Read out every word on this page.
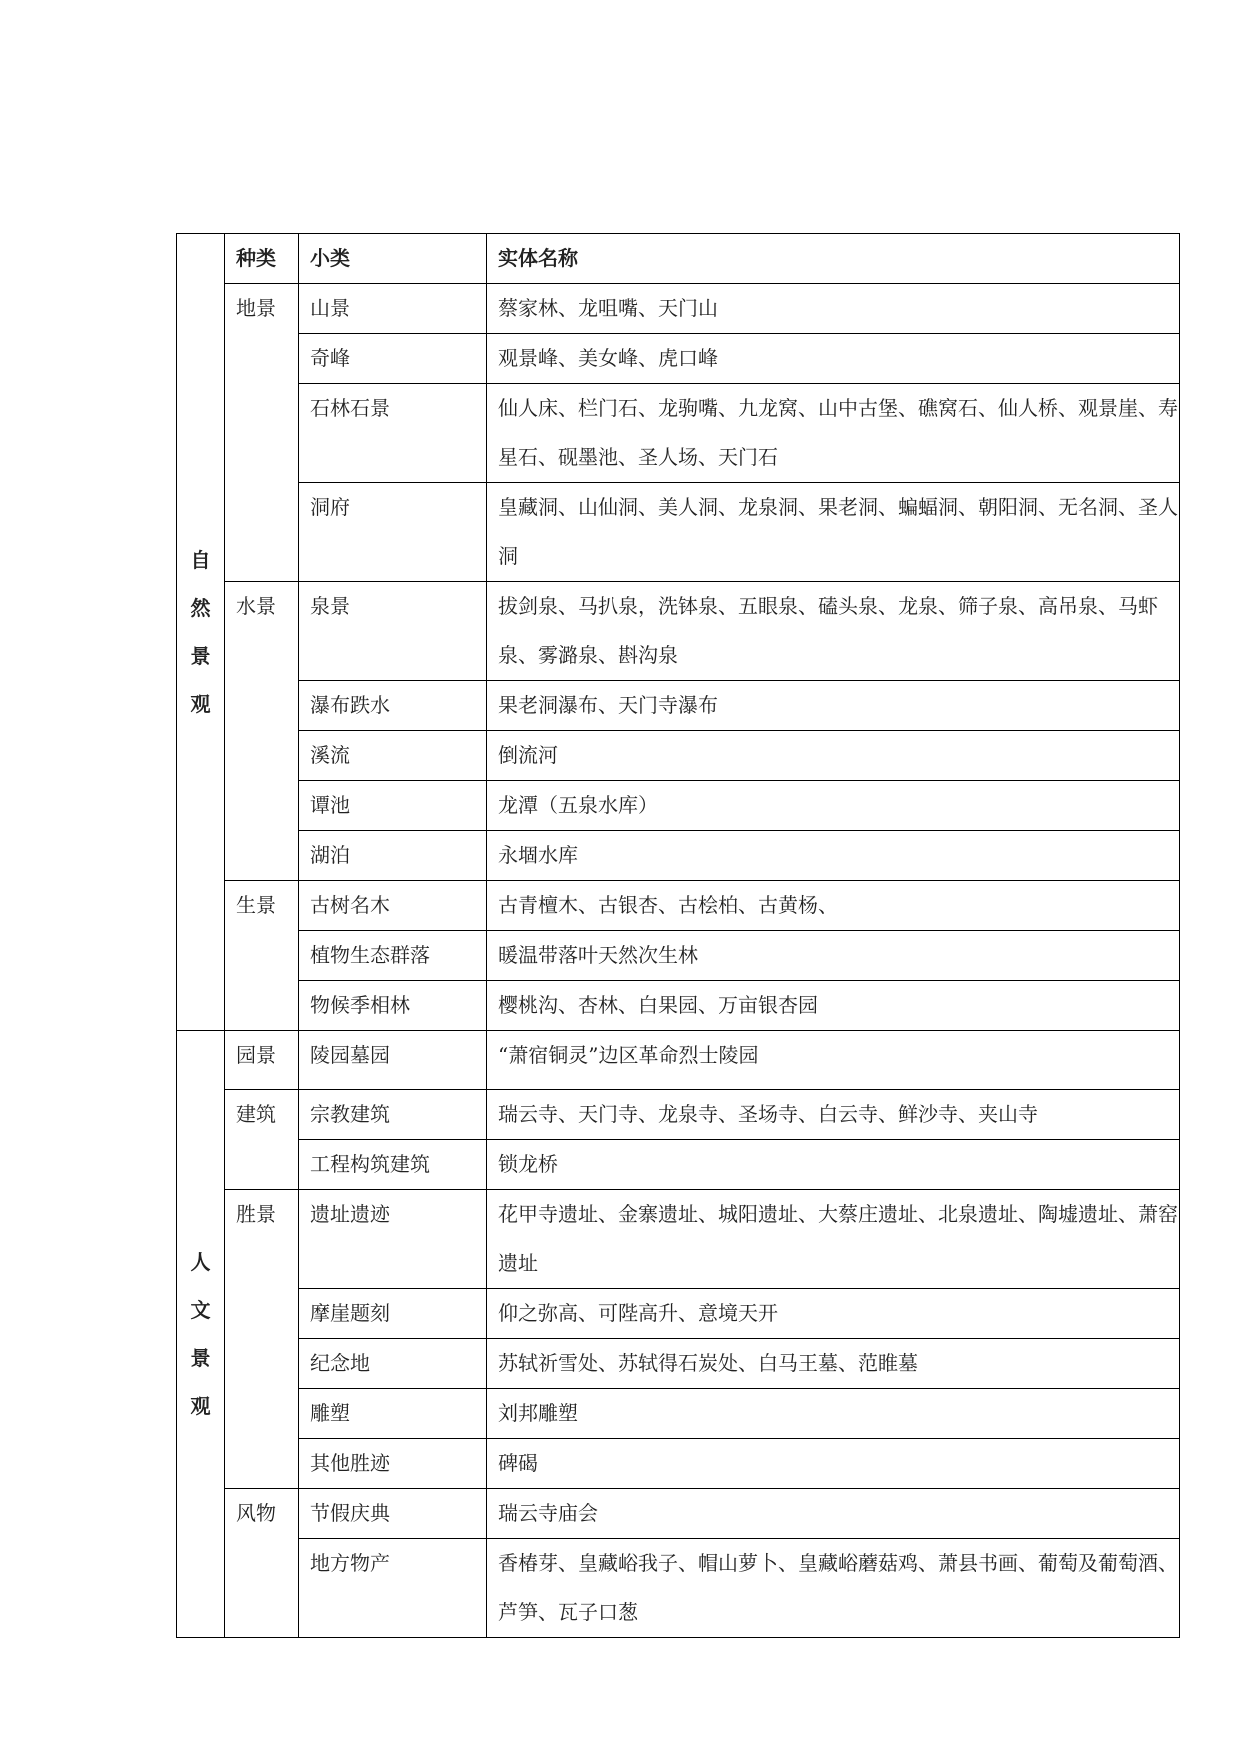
自
然
景
观	种类	小类	实体名称
	地景	山景	蔡家林、龙咀嘴、天门山
		奇峰	观景峰、美女峰、虎口峰
		石林石景	仙人床、栏门石、龙驹嘴、九龙窝、山中古堡、礁窝石、仙人桥、观景崖、寿星石、砚墨池、圣人场、天门石
		洞府	皇藏洞、山仙洞、美人洞、龙泉洞、果老洞、蝙蝠洞、朝阳洞、无名洞、圣人洞
	水景	泉景	拔剑泉、马扒泉，洗钵泉、五眼泉、磕头泉、龙泉、筛子泉、高吊泉、马虾泉、雾潞泉、斟沟泉
		瀑布跌水	果老洞瀑布、天门寺瀑布
		溪流	倒流河
		谭池	龙潭（五泉水库）
		湖泊	永堌水库
	生景	古树名木	古青檀木、古银杏、古桧柏、古黄杨、
		植物生态群落	暖温带落叶天然次生林
		物候季相林	樱桃沟、杏林、白果园、万亩银杏园

人
文
景
观	园景	陵园墓园	“萧宿铜灵”边区革命烈士陵园
	建筑	宗教建筑	瑞云寺、天门寺、龙泉寺、圣场寺、白云寺、鲜沙寺、夹山寺
		工程构筑建筑	锁龙桥
	胜景	遗址遗迹	花甲寺遗址、金寨遗址、城阳遗址、大蔡庄遗址、北泉遗址、陶墟遗址、萧窑遗址
		摩崖题刻	仰之弥高、可陛高升、意境天开
		纪念地	苏轼祈雪处、苏轼得石炭处、白马王墓、范睢墓
		雕塑	刘邦雕塑
		其他胜迹	碑碣
	风物	节假庆典	瑞云寺庙会
		地方物产	香椿芽、皇藏峪我子、帽山萝卜、皇藏峪蘑菇鸡、萧县书画、葡萄及葡萄酒、芦笋、瓦子口葱
